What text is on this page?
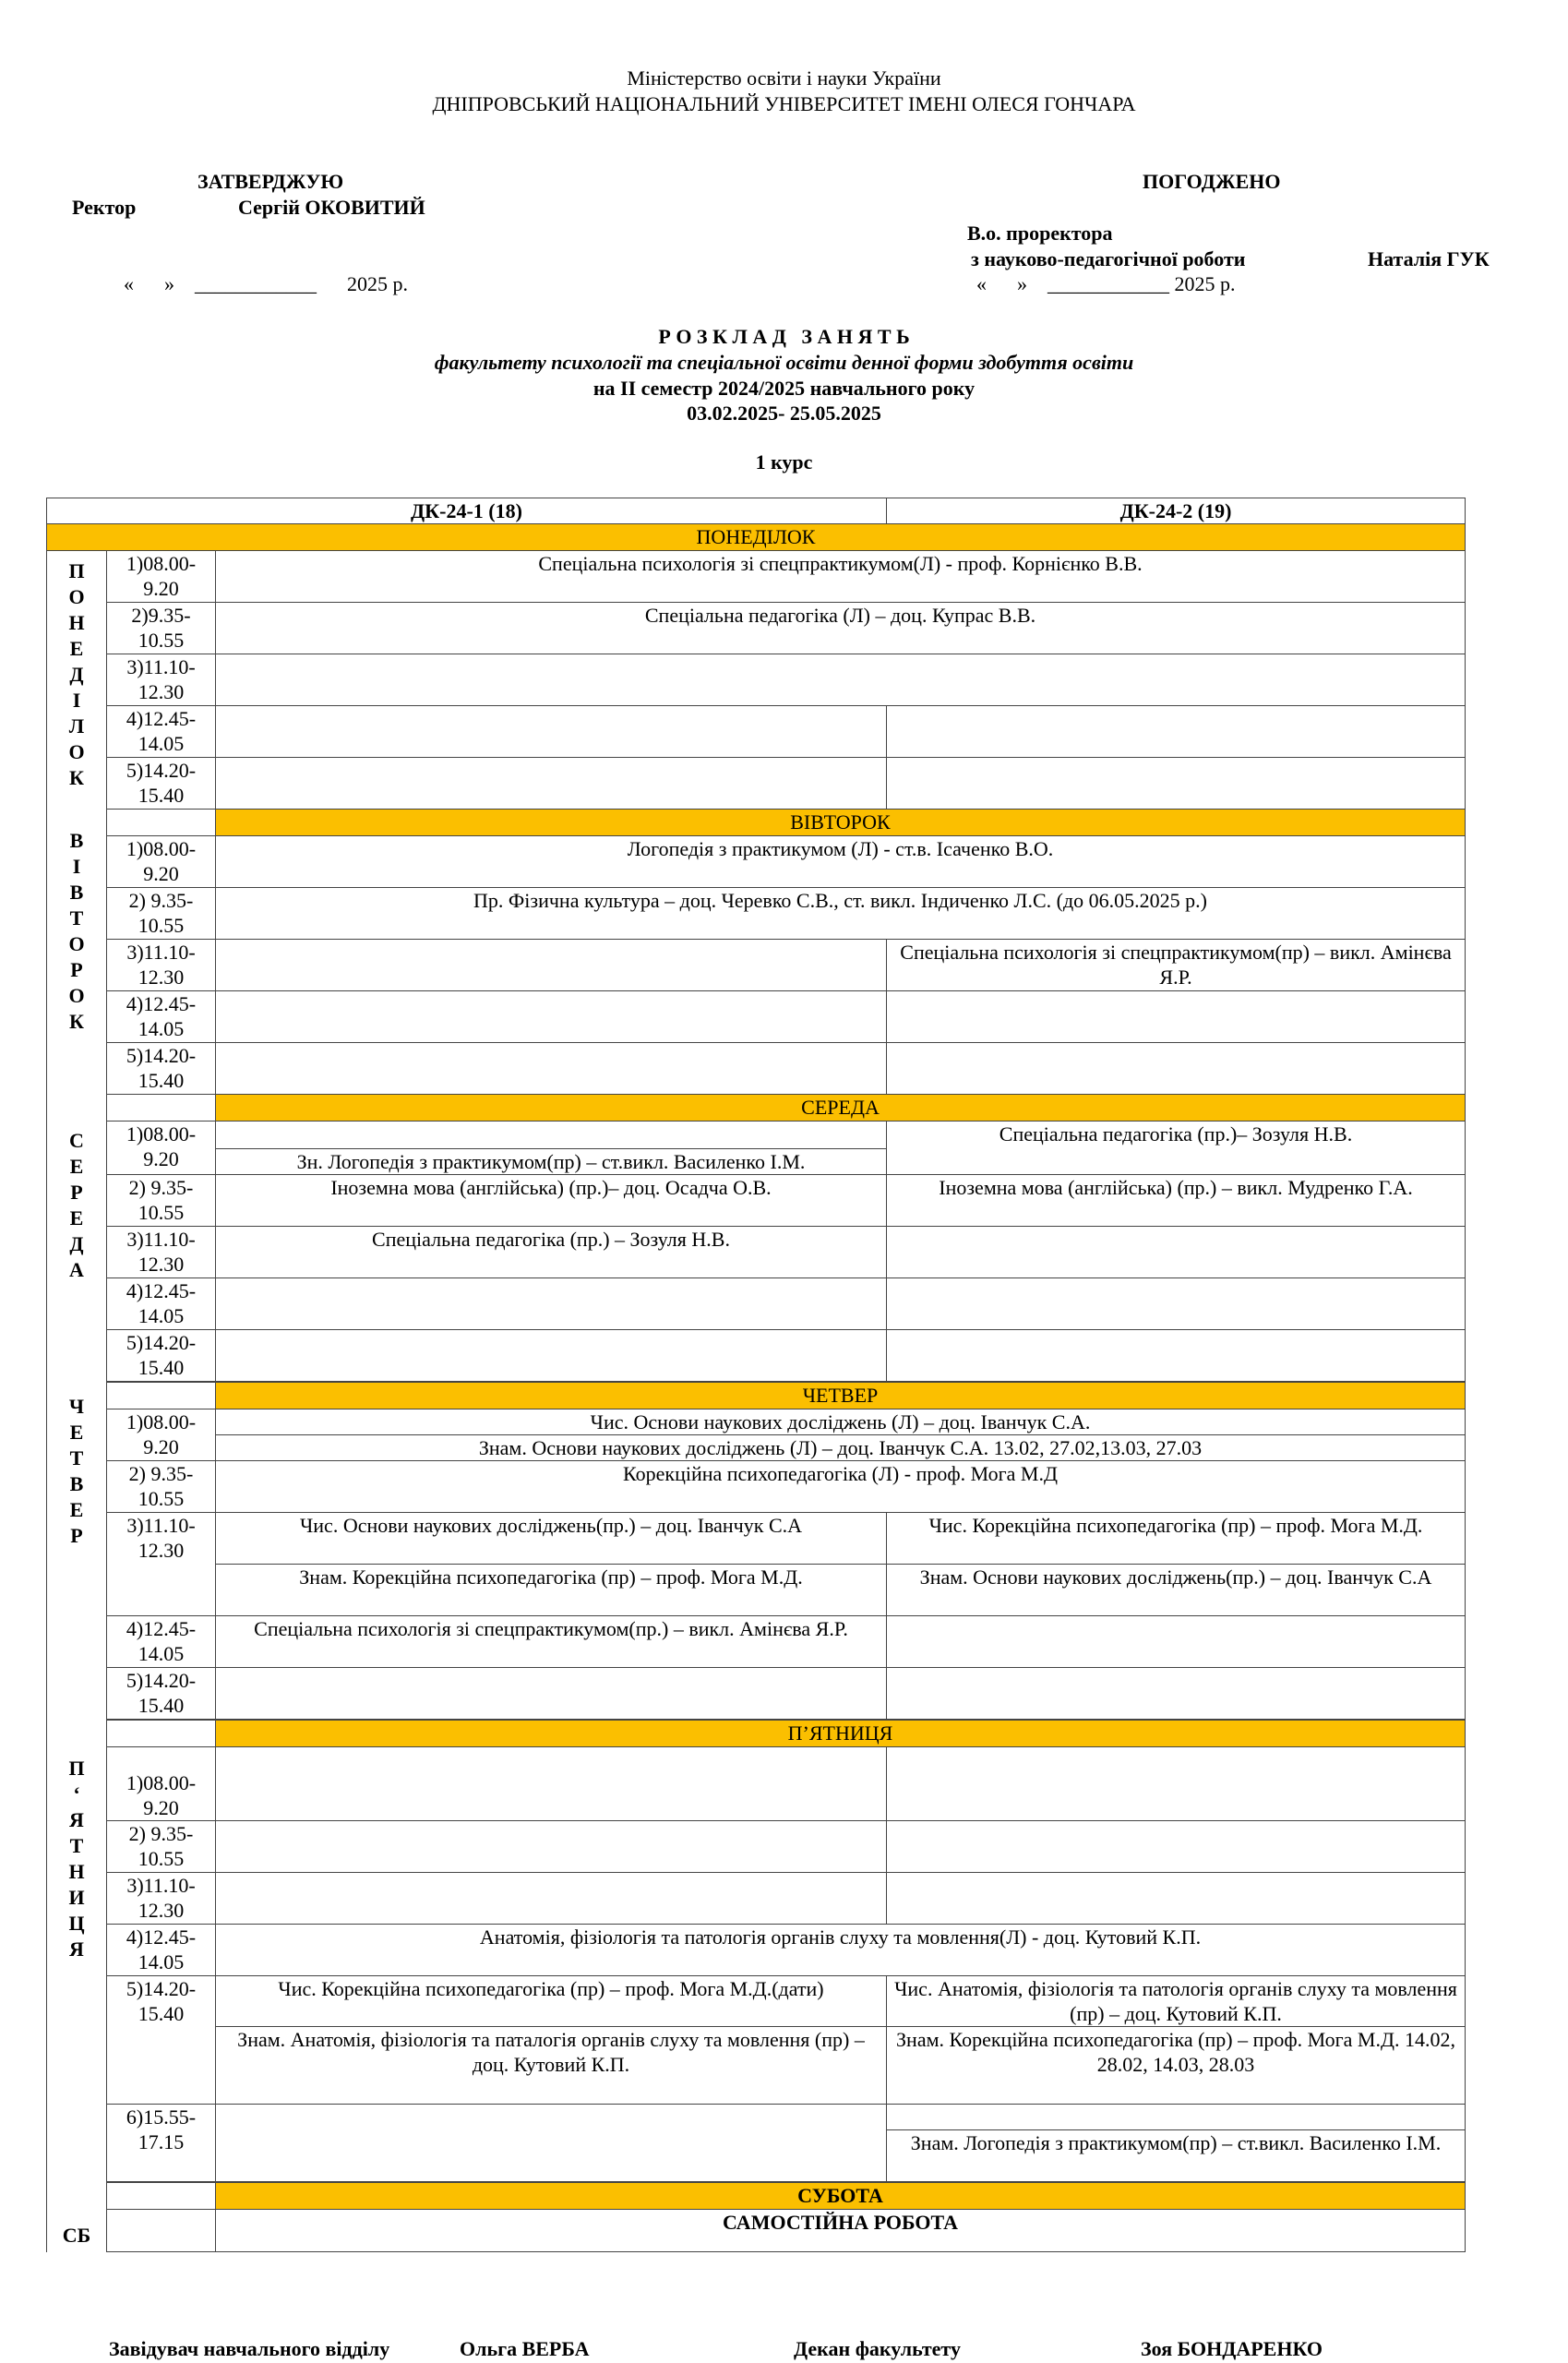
Міністерство освіти і науки України
ДНІПРОВСЬКИЙ НАЦІОНАЛЬНИЙ УНІВЕРСИТЕТ ІМЕНІ ОЛЕСЯ ГОНЧАРА
ЗАТВЕРДЖУЮ
Ректор	Сергій ОКОВИТИЙ
«      »    ____________      2025 р.
ПОГОДЖЕНО
В.о. проректора
з науково-педагогічної роботи	Наталія ГУК
«      »    ____________ 2025 р.
Р О З К Л А Д   З А Н Я Т Ь
факультету психології та спеціальної освіти денної форми здобуття освіти
на ІІ семестр 2024/2025 навчального року
03.02.2025- 25.05.2025
1 курс
ДК-24-1 (18)			ДК-24-2 (19)
ПОНЕДІЛОК			

ПОНЕДІЛОК	1)08.00-
9.20	Спеціальна психологія зі спецпрактикумом(Л) - проф. Корнієнко В.В.	
	2)9.35-
10.55	Спеціальна педагогіка (Л) – доц. Купрас В.В.	
	3)11.10-
12.30		
	4)12.45-
14.05		
	5)14.20-
15.40		

ВІВТОРОК		ВІВТОРОК	
	1)08.00-
9.20	Логопедія з практикумом (Л) - ст.в. Ісаченко В.О.	
	2) 9.35-
10.55	Пр. Фізична культура – доц. Черевко С.В., ст. викл. Індиченко Л.С. (до 06.05.2025 р.)	
	3)11.10-
12.30		Спеціальна психологія зі спецпрактикумом(пр) – викл. Амінєва Я.Р.
	4)12.45-
14.05		
	5)14.20-
15.40		

СЕРЕДА		СЕРЕДА	
	1)08.00-
9.20		Спеціальна педагогіка (пр.)– Зозуля Н.В.
		Зн. Логопедія з практикумом(пр) – ст.викл. Василенко І.М.	
	2) 9.35-
10.55	Іноземна мова (англійська) (пр.)– доц. Осадча О.В.	Іноземна мова (англійська) (пр.) – викл. Мудренко Г.А.
	3)11.10-
12.30	Спеціальна педагогіка (пр.) – Зозуля Н.В.	
	4)12.45-
14.05		
	5)14.20-
15.40		

ЧЕТВЕР		ЧЕТВЕР	
	1)08.00-
9.20	Чис. Основи наукових досліджень (Л) – доц. Іванчук С.А.	
		Знам. Основи наукових досліджень (Л) – доц. Іванчук С.А. 13.02, 27.02,13.03, 27.03	
	2) 9.35-
10.55	Корекційна психопедагогіка (Л) - проф. Мога М.Д	
	3)11.10-
12.30	Чис. Основи наукових досліджень(пр.) – доц. Іванчук С.А	Чис. Корекційна психопедагогіка (пр) – проф. Мога М.Д.
		Знам. Корекційна психопедагогіка (пр) – проф. Мога М.Д.	Знам. Основи наукових досліджень(пр.) – доц. Іванчук С.А
	4)12.45-
14.05	Спеціальна психологія зі спецпрактикумом(пр.) – викл. Амінєва Я.Р.	
	5)14.20-
15.40		

П‘ЯТНИЦЯ		П’ЯТНИЦЯ	
	1)08.00-
9.20		
	2) 9.35-
10.55		
	3)11.10-
12.30		
	4)12.45-
14.05	Анатомія, фізіологія та патологія органів слуху та мовлення(Л) - доц. Кутовий К.П.	
	5)14.20-
15.40	Чис. Корекційна психопедагогіка (пр) – проф. Мога М.Д.(дати)	Чис. Анатомія, фізіологія та патологія органів слуху та мовлення (пр) – доц. Кутовий К.П.
		Знам. Анатомія, фізіологія та паталогія органів слуху та мовлення (пр) – доц. Кутовий К.П.	Знам. Корекційна психопедагогіка (пр) – проф. Мога М.Д. 14.02, 28.02, 14.03, 28.03
	6)15.55-
17.15		
			Знам. Логопедія з практикумом(пр) – ст.викл. Василенко І.М.

СБ		СУБОТА	
		САМОСТІЙНА РОБОТА	
Завідувач навчального відділу	Ольга ВЕРБА	Декан факультету	Зоя БОНДАРЕНКО
